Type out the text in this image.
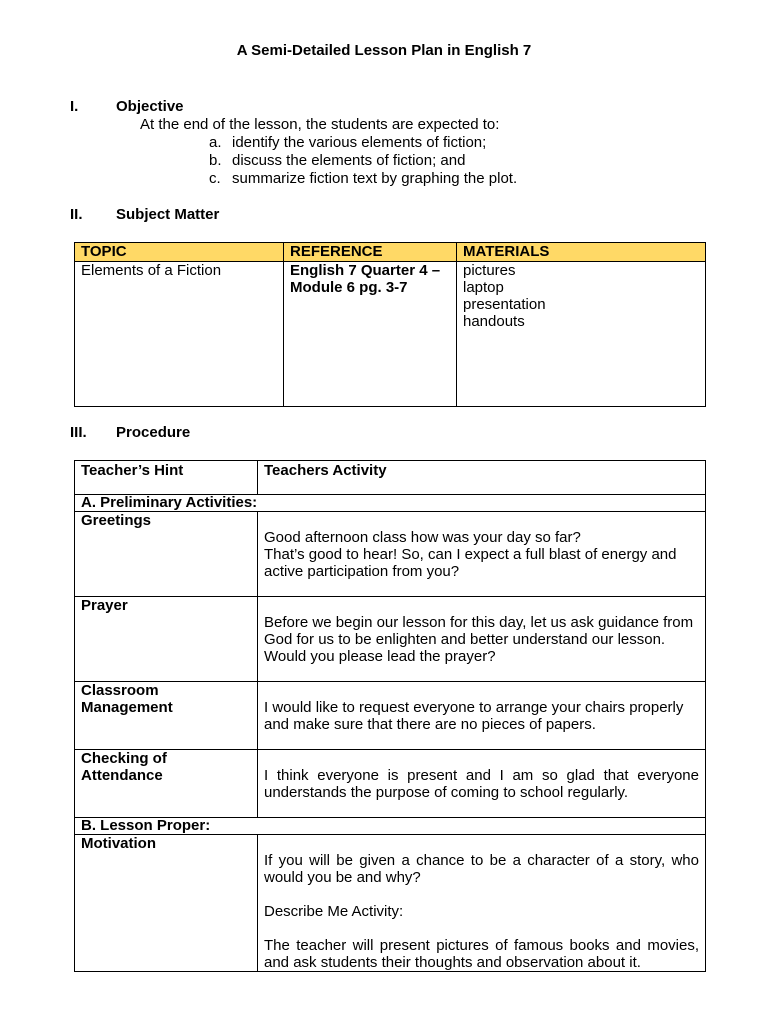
A Semi-Detailed Lesson Plan in English 7
I.	Objective
At the end of the lesson, the students are expected to:
a. identify the various elements of fiction;
b. discuss the elements of fiction; and
c. summarize fiction text by graphing the plot.
II. Subject Matter
TOPIC	REFERENCE	MATERIALS
Elements of a Fiction	English 7 Quarter 4 – Module 6 pg. 3-7	pictures
laptop
presentation
handouts
III. Procedure
Teacher’s Hint	Teachers Activity
A. Preliminary Activities:	
Greetings	Good afternoon class how was your day so far?
That’s good to hear! So, can I expect a full blast of energy and active participation from you?

Prayer	Before we begin our lesson for this day, let us ask guidance from God for us to be enlighten and better understand our lesson. Would you please lead the prayer?
Classroom Management	I would like to request everyone to arrange your chairs properly and make sure that there are no pieces of papers.
Checking of Attendance	I think everyone is present and I am so glad that everyone understands the purpose of coming to school regularly.
B. Lesson Proper:	
Motivation	If you will be given a chance to be a character of a story, who would you be and why?
Describe Me Activity:
The teacher will present pictures of famous books and movies, and ask students their thoughts and observation about it.
